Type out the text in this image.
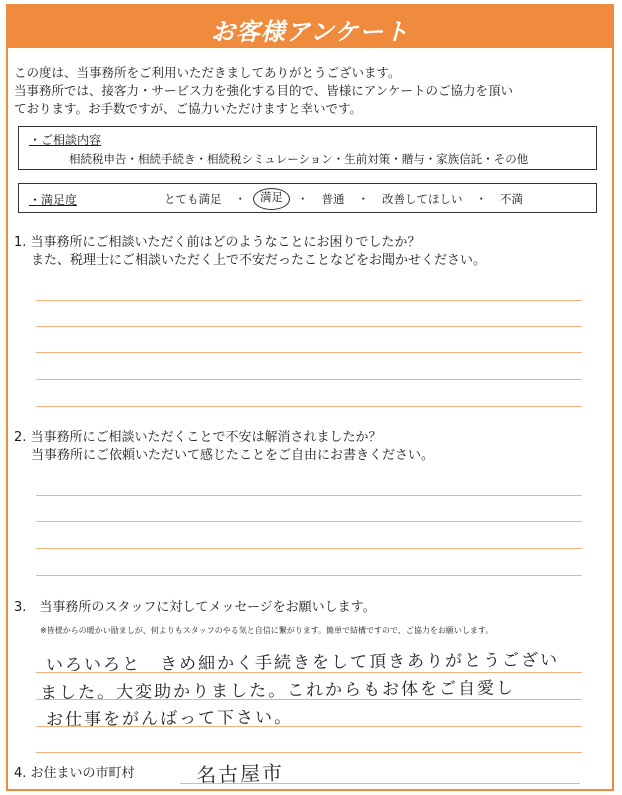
お客様アンケート

この度は、当事務所をご利用いただきましてありがとうございます。

当事務所では、接客力・サービス力を強化する目的で、皆様にアンケートのご協力を頂い

ております。お手数ですが、ご協力いただけますと幸いです。

・ご相談内容
相続税申告・相続手続き・相続税シミュレーション・生前対策・贈与・家族信託・その他
・満足度	とても満足 ・	満足	・ 普通 ・ 改善してほしい ・ 不満

1. 当事務所にご相談いただく前はどのようなことにお困りでしたか？

また、税理士にご相談いただく上で不安だったことなどをお聞かせください。

2. 当事務所にご相談いただくことで不安は解消されましたか？

当事務所にご依頼いただいて感じたことをご自由にお書きください。

3.　当事務所のスタッフに対してメッセージをお願いします。

※皆様からの暖かい励ましが、何よりもスタッフのやる気と自信に繋がります。簡単で結構ですので、ご協力をお願いします。
いろいろと　きめ細かく手続きをして頂きありがとうござい
ました。大変助かりました。これからもお体をご自愛し
お仕事をがんばって下さい。

4. お住まいの市町村	名古屋市
